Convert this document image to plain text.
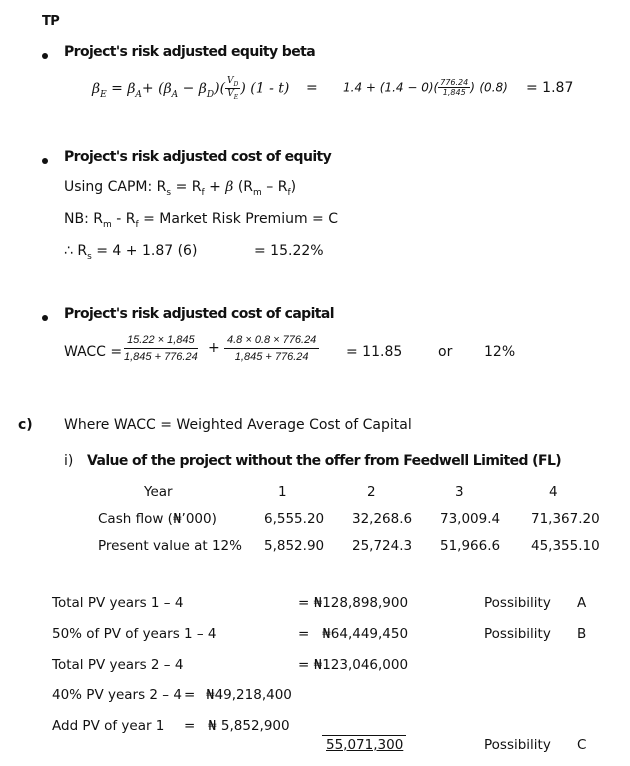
TP
Project's risk adjusted equity beta
$\beta_E = \beta_A+ (\beta_A - \beta_D)( \frac{V_D}{V_E}$ ) $(1 - t) = 1.4 + (1.4 - 0)( \frac{776.24}{1,845}$ ) (0.8) = 1.87
Project's risk adjusted cost of equity
Using CAPM: $R_s = R_f + \beta$ $(R_m - R_f)$
NB: $R_m - R_f$ = Market Risk Premium = C
∴ $R_s = 4 + 1.87$ (6)	= 15.22%
Project's risk adjusted cost of capital
WACC = $\frac{15.22 \times 1,845}{1,845 + 776.24} + \frac{4.8 \times 0.8 \times 776.24}{1,845 + 776.24} = 11.85$	or 12%
c) Where WACC = Weighted Average Cost of Capital
i) Value of the project without the offer from Feedwell Limited (FL)
Year	1	2	3	4
Cash flow (₦’000)	6,555.20 32,268.6 73,009.4 71,367.20
Present value at 12% 5,852.90 25,724.3 51,966.6 45,355.10
Total PV years 1 – 4	= ₦128,898,900	Possibility A
50% of PV of years 1 – 4	=   ₦64,449,450	Possibility B
Total PV years 2 – 4	= ₦123,046,000
40% PV years 2 – 4 = ₦49,218,400
Add PV of year 1 = ₦ 5,852,900
55,071,300	Possibility C
